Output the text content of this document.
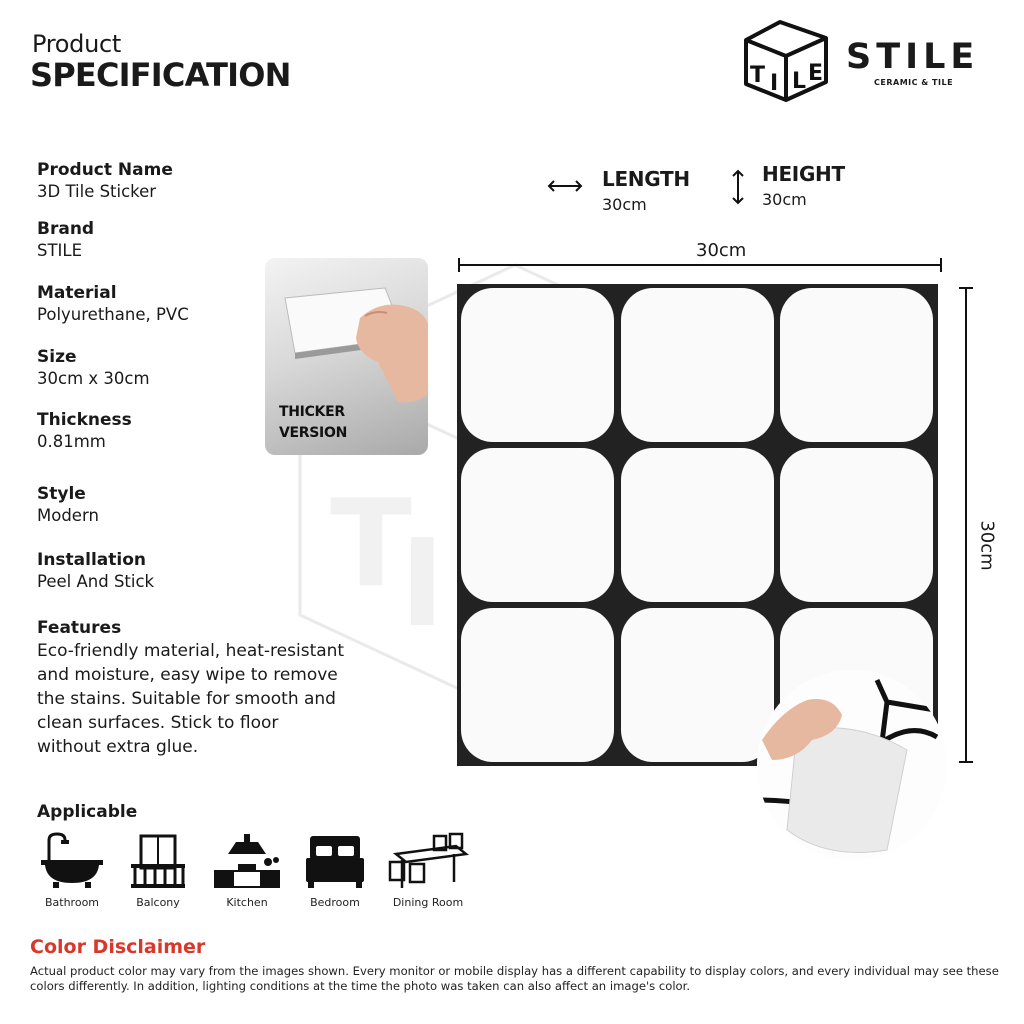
T
I
Product
SPECIFICATION	T I L E STILE
CERAMIC & TILE
Product Name
3D Tile Sticker
Brand
STILE
Material
Polyurethane, PVC
Size
30cm x 30cm
Thickness
0.81mm
Style
Modern
Installation
Peel And Stick
Features
Eco-friendly material, heat-resistant and moisture, easy wipe to remove the stains. Suitable for smooth and clean surfaces. Stick to floor without extra glue.
THICKER
VERSION
LENGTH
30cm
HEIGHT
30cm
30cm
30cm
Applicable
Bathroom	Balcony	Kitchen	Bedroom	Dining Room
Color Disclaimer
Actual product color may vary from the images shown. Every monitor or mobile display has a different capability to display colors, and every individual may see these colors differently. In addition, lighting conditions at the time the photo was taken can also affect an image's color.
